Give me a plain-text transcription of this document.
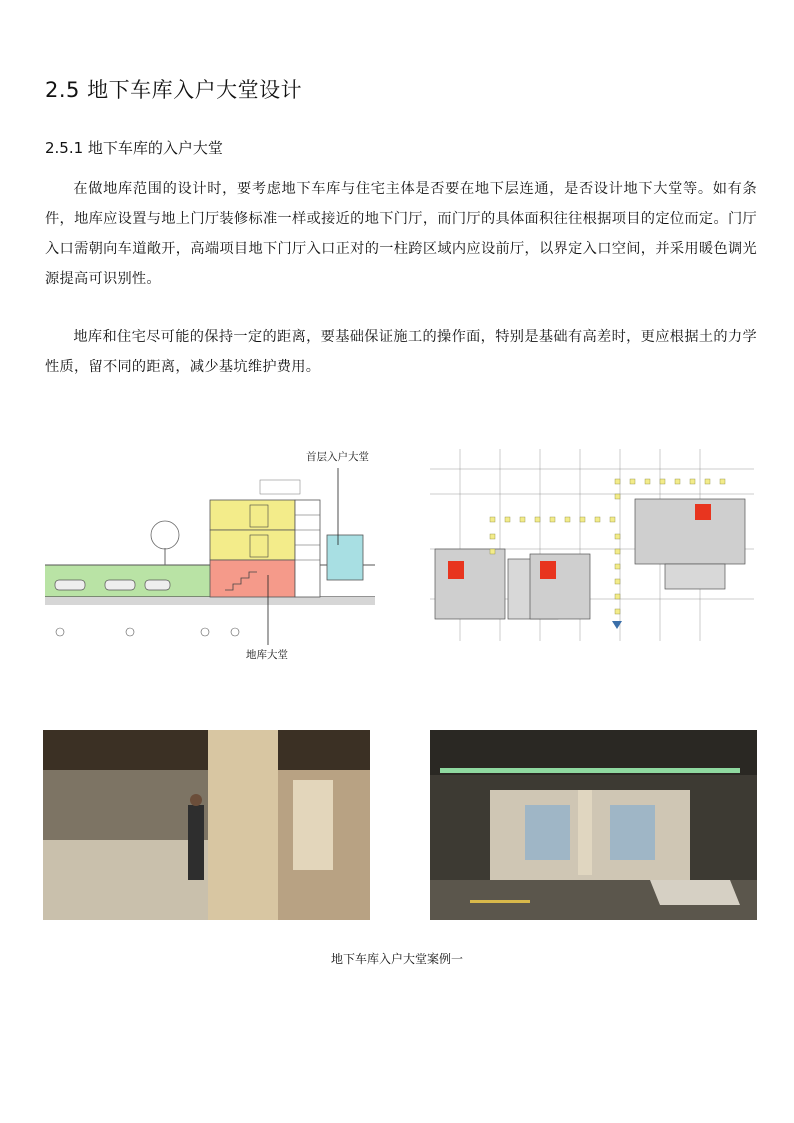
2.5 地下车库入户大堂设计
2.5.1 地下车库的入户大堂
在做地库范围的设计时，要考虑地下车库与住宅主体是否要在地下层连通，是否设计地下大堂等。如有条件，地库应设置与地上门厅装修标准一样或接近的地下门厅，而门厅的具体面积往往根据项目的定位而定。门厅入口需朝向车道敞开，高端项目地下门厅入口正对的一柱跨区域内应设前厅，以界定入口空间，并采用暖色调光源提高可识别性。
地库和住宅尽可能的保持一定的距离，要基础保证施工的操作面，特别是基础有高差时，更应根据土的力学性质，留不同的距离，减少基坑维护费用。
首层入户大堂
地库大堂
地下车库入户大堂案例一
